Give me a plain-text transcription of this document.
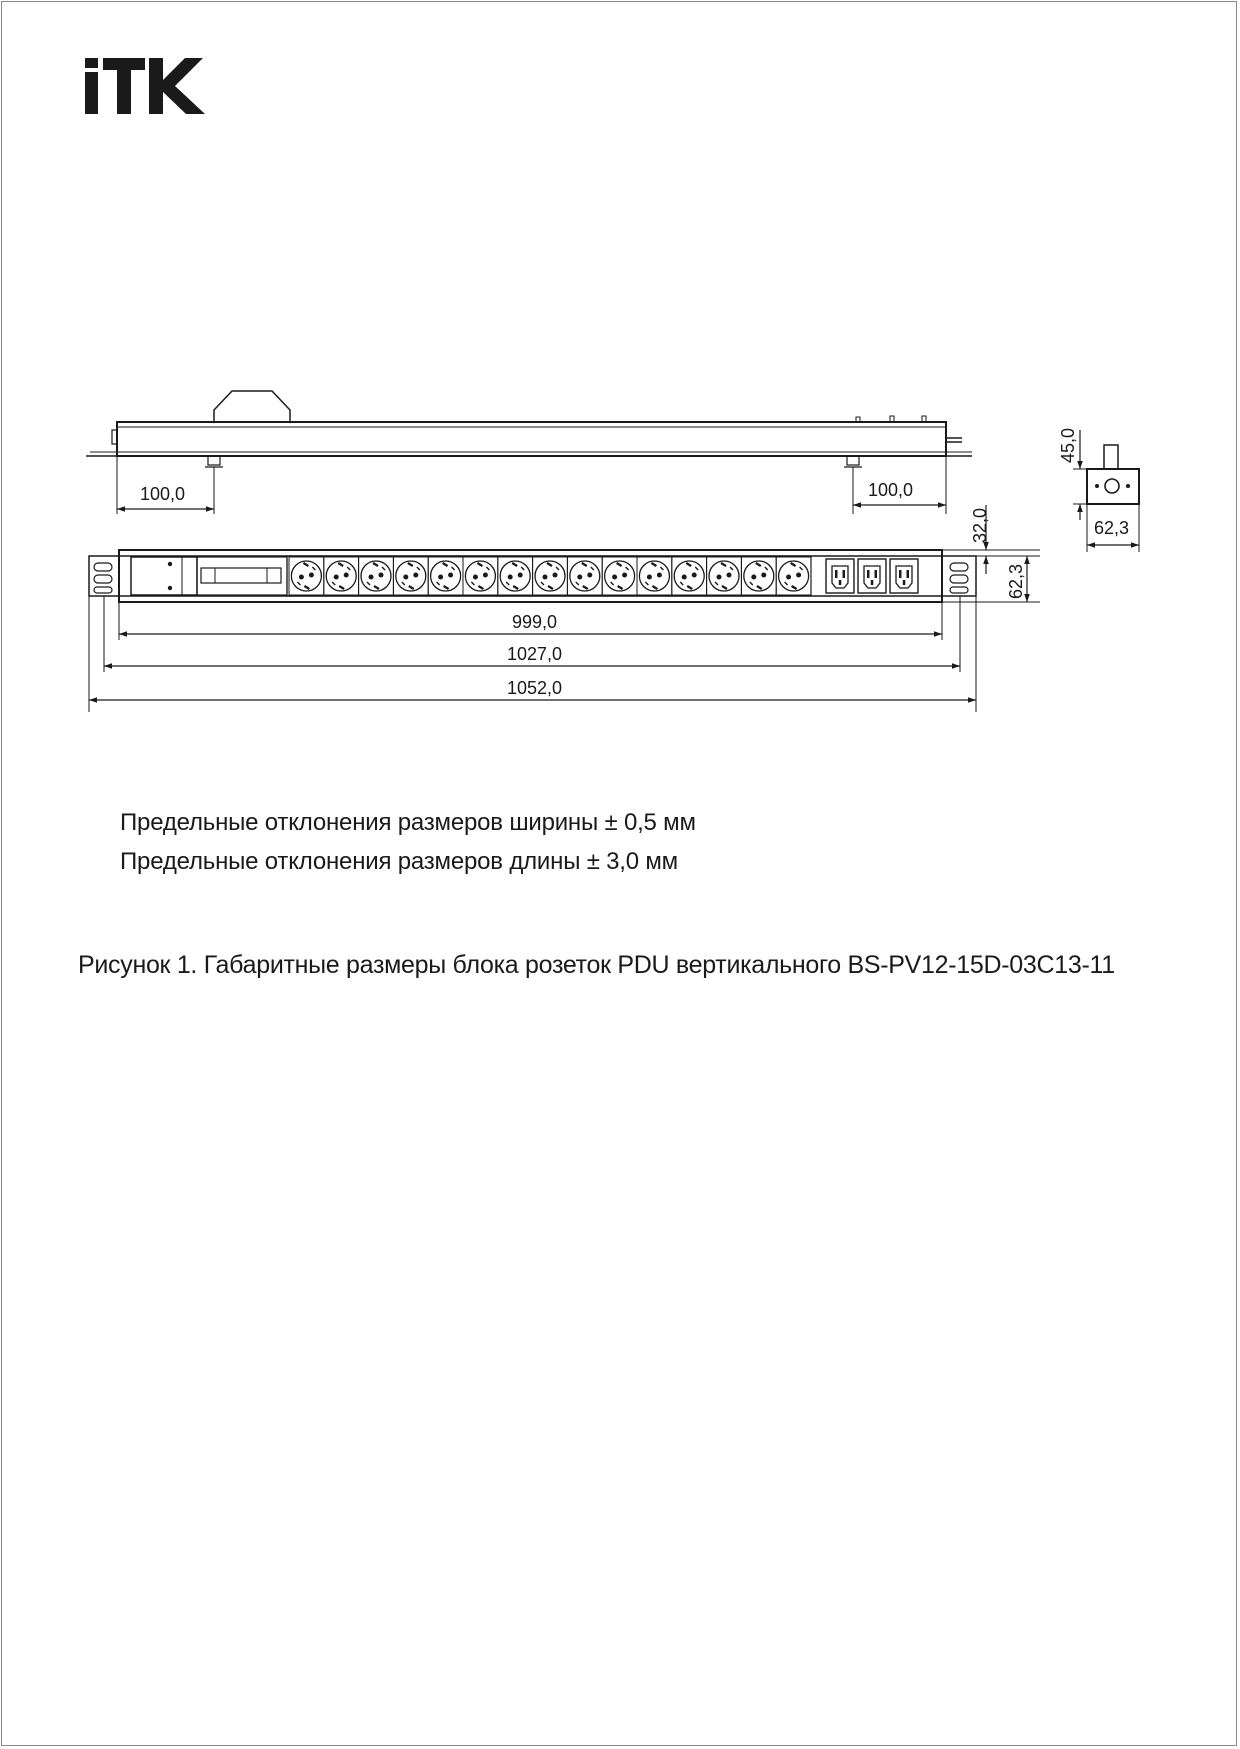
100,0	100,0
45,0
62,3
32,0
62,3
999,0
1027,0
1052,0
Предельные отклонения размеров ширины ± 0,5 мм
Предельные отклонения размеров длины ± 3,0 мм
Рисунок 1. Габаритные размеры блока розеток PDU вертикального BS-PV12-15D-03C13-11
